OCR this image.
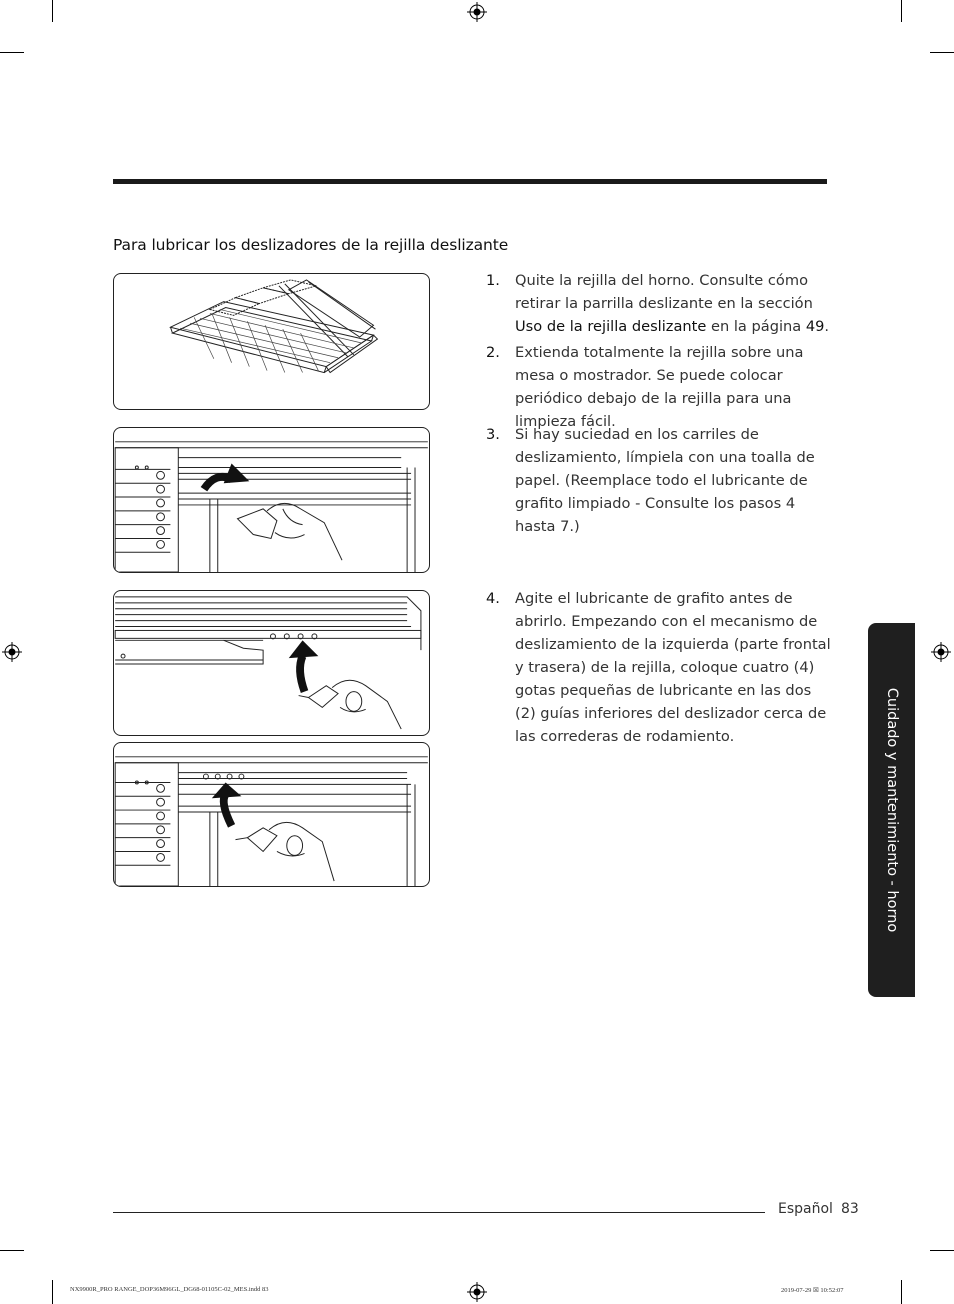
Para lubricar los deslizadores de la rejilla deslizante
1.	Quite la rejilla del horno. Consulte cómo retirar la parrilla deslizante en la sección Uso de la rejilla deslizante en la página 49.
2.	Extienda totalmente la rejilla sobre una mesa o mostrador. Se puede colocar periódico debajo de la rejilla para una limpieza fácil.
3.	Si hay suciedad en los carriles de deslizamiento, límpiela con una toalla de papel. (Reemplace todo el lubricante de grafito limpiado - Consulte los pasos 4 hasta 7.)
4.	Agite el lubricante de grafito antes de abrirlo. Empezando con el mecanismo de deslizamiento de la izquierda (parte frontal y trasera) de la rejilla, coloque cuatro (4) gotas pequeñas de lubricante en las dos (2) guías inferiores del deslizador cerca de las correderas de rodamiento.	Cuidado y mantenimiento - horno
Español 83
NX9900R_PRO RANGE_DOP36M96GL_DG68-01105C-02_MES.indd 83	2019-07-29 ☒ 10:52:07
